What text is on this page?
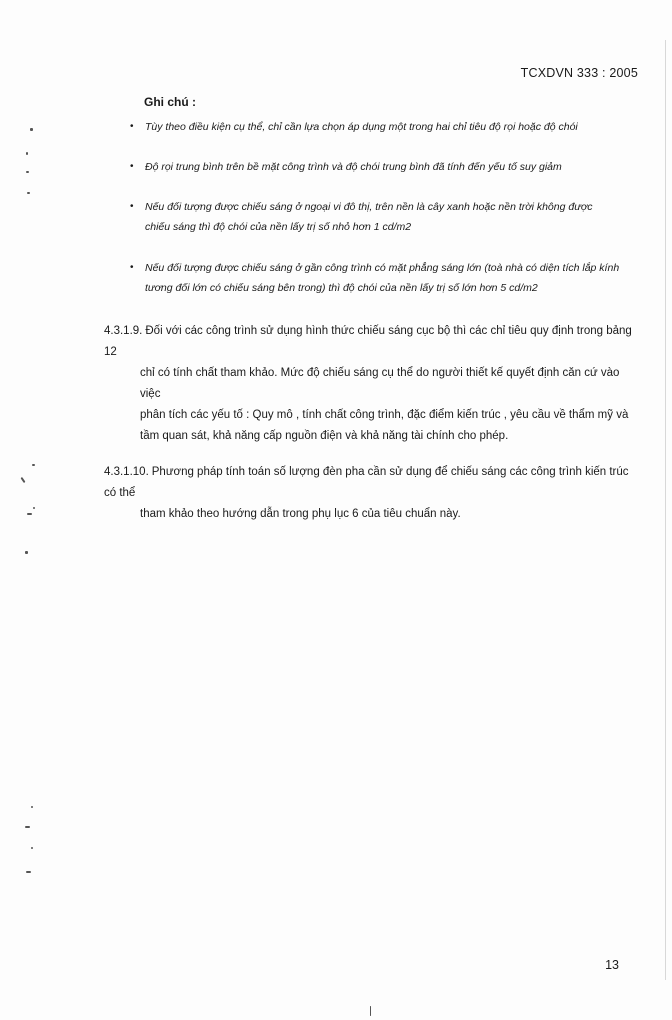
TCXDVN 333 : 2005
Ghi chú :
• Tùy theo điều kiện cụ thể, chỉ cần lựa chọn áp dụng một trong hai chỉ tiêu độ rọi hoặc độ chói
• Độ rọi trung bình trên bề mặt công trình và độ chói trung bình đã tính đến yếu tố suy giảm
• Nếu đối tượng được chiếu sáng ở ngoại vi đô thị, trên nền là cây xanh hoặc nền trời không được
chiếu sáng thì độ chói của nền lấy trị số nhỏ hơn 1 cd/m2
• Nếu đối tượng được chiếu sáng ở gần công trình có mặt phẳng sáng lớn (toà nhà có diện tích lắp kính
tương đối lớn có chiếu sáng bên trong) thì độ chói của nền lấy trị số lớn hơn 5 cd/m2
4.3.1.9. Đối với các công trình sử dụng hình thức chiếu sáng cục bộ thì các chỉ tiêu quy định trong bảng 12
chỉ có tính chất tham khảo. Mức độ chiếu sáng cụ thể do người thiết kế quyết định căn cứ vào việc
phân tích các yếu tố : Quy mô , tính chất công trình, đặc điểm kiến trúc , yêu cầu về thẩm mỹ và
tầm quan sát, khả năng cấp nguồn điện và khả năng tài chính cho phép.
4.3.1.10. Phương pháp tính toán số lượng đèn pha cần sử dụng để chiếu sáng các công trình kiến trúc có thể
tham khảo theo hướng dẫn trong phụ lục 6 của tiêu chuẩn này.
13
